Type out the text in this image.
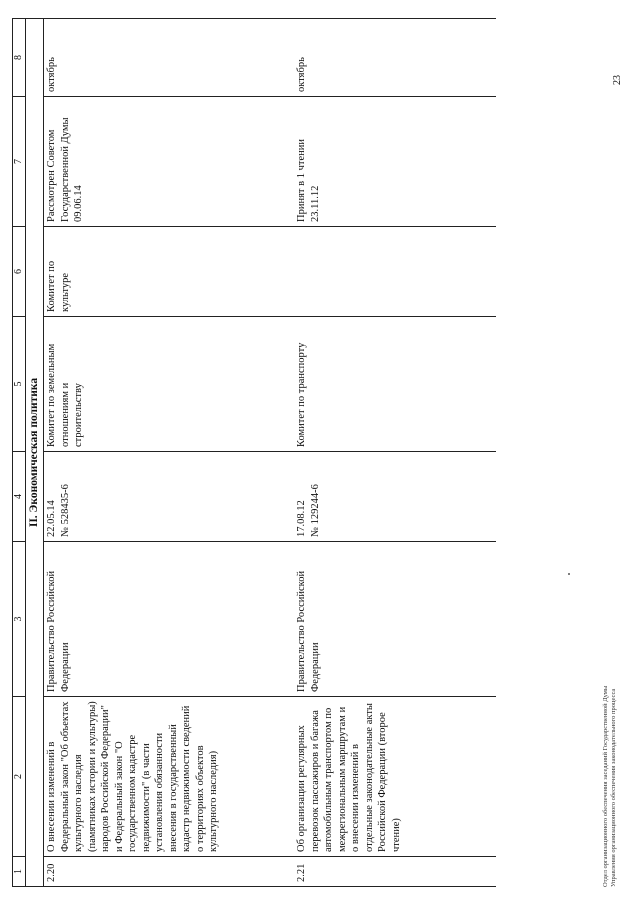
1	2	3	4	5	6	7	8
II. Экономическая политика							
2.20	О внесении изменений в Федеральный закон "Об объектах культурного наследия (памятниках истории и культуры) народов Российской Федерации" и Федеральный закон "О государственном кадастре недвижимости" (в части установления обязанности внесения в государственный кадастр недвижимости сведений о территориях объектов культурного наследия)	Правительство Российской Федерации	22.05.14 № 528435-6	Комитет по земельным отношениям и строительству	Комитет по культуре	Рассмотрен Советом Государственной Думы 09.06.14	октябрь
2.21	Об организации регулярных перевозок пассажиров и багажа автомобильным транспортом по межрегиональным маршрутам и о внесении изменений в отдельные законодательные акты Российской Федерации (второе чтение)	Правительство Российской Федерации	17.08.12 № 129244-6	Комитет по транспорту		Принят в 1 чтении 23.11.12	октябрь
Отдел организационного обеспечения заседаний Государственной Думы Управления организационного обеспечения законодательного процесса
23
